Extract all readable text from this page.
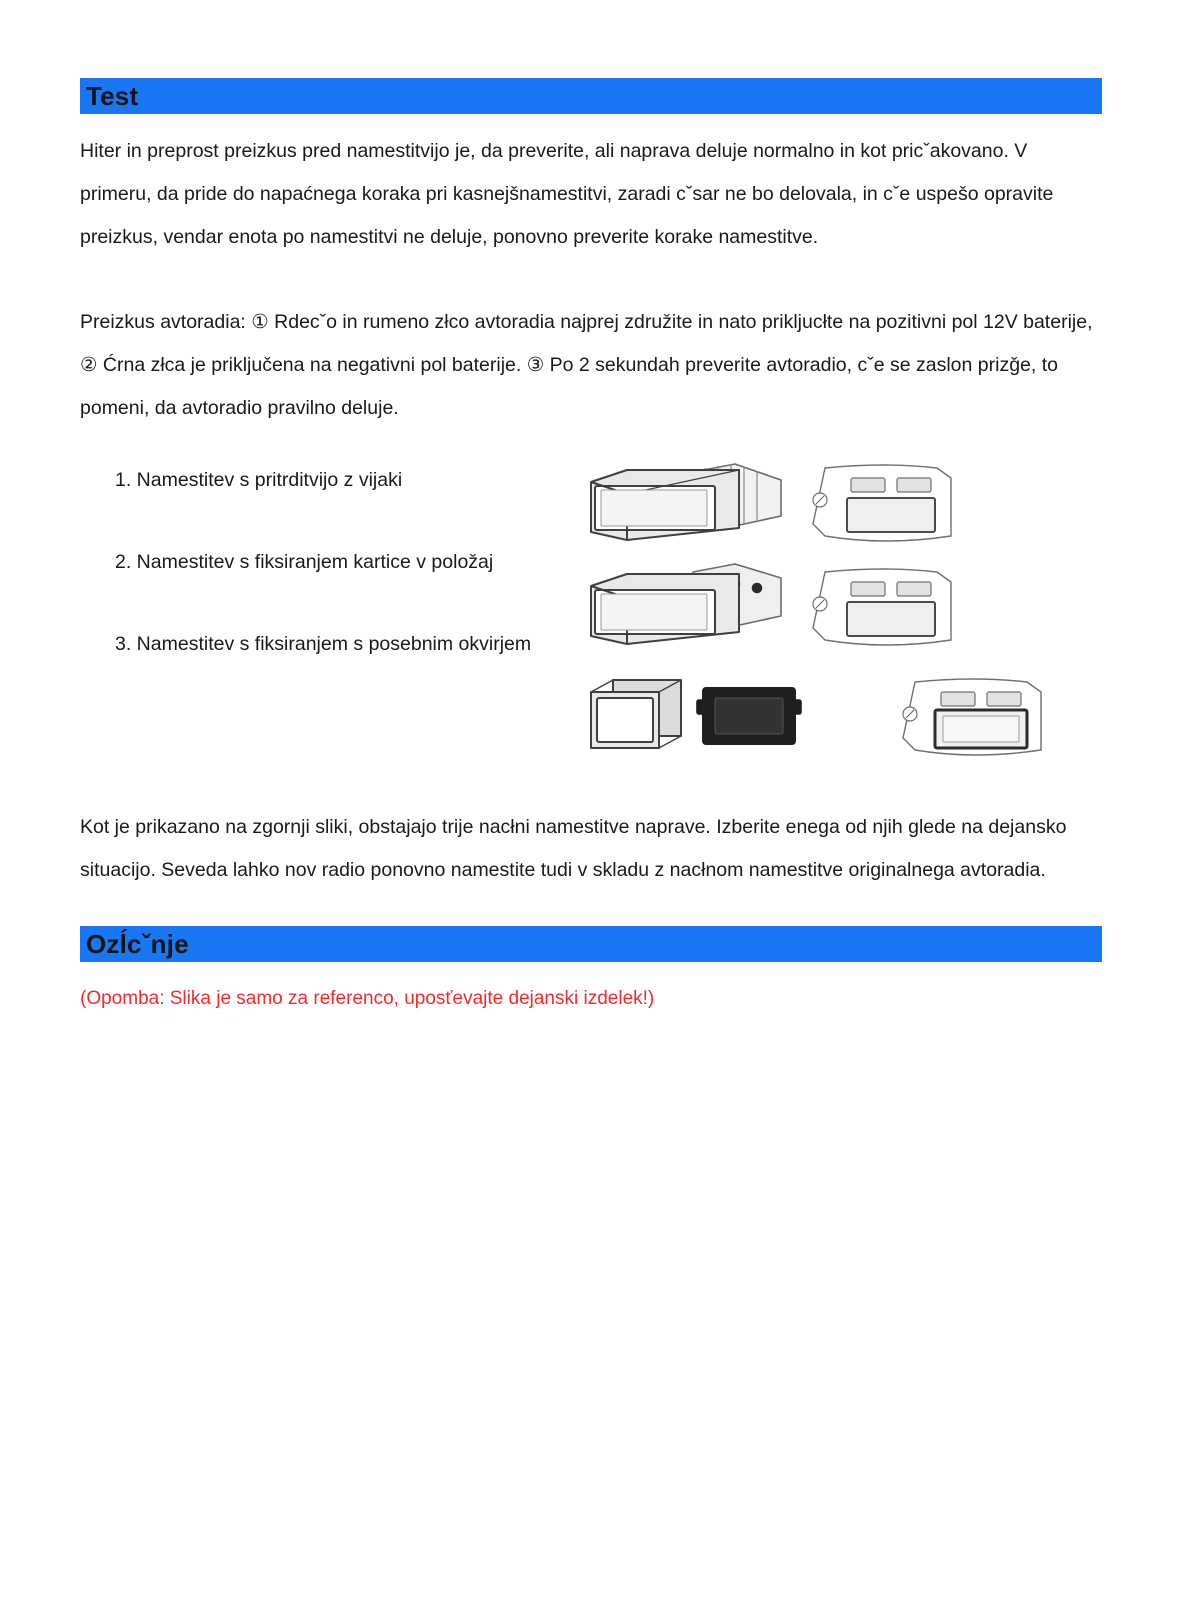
Test

Hiter in preprost preizkus pred namestitvijo je, da preverite, ali naprava deluje normalno in kot pricˇakovano. V primeru, da pride do napaćnega koraka pri kasnejšnamestitvi, zaradi cˇsar ne bo delovala, in cˇe uspešo opravite preizkus, vendar enota po namestitvi ne deluje, ponovno preverite korake namestitve.

Preizkus avtoradia: ① Rdecˇo in rumeno złco avtoradia najprej združite in nato prikljucłte na pozitivni pol 12V baterije, ② Ćrna złca je priključena na negativni pol baterije. ③ Po 2 sekundah preverite avtoradio, cˇe se zaslon prizǧe, to pomeni, da avtoradio pravilno deluje.

1. Namestitev s pritrditvijo z vijaki
2. Namestitev s fiksiranjem kartice v položaj
3. Namestitev s fiksiranjem s posebnim okvirjem

Kot je prikazano na zgornji sliki, obstajajo trije nacłni namestitve naprave. Izberite enega od njih glede na dejansko situacijo. Seveda lahko nov radio ponovno namestite tudi v skladu z nacłnom namestitve originalnega avtoradia.

Ozĺcˇnje

(Opomba: Slika je samo za referenco, uposťevajte dejanski izdelek!)
